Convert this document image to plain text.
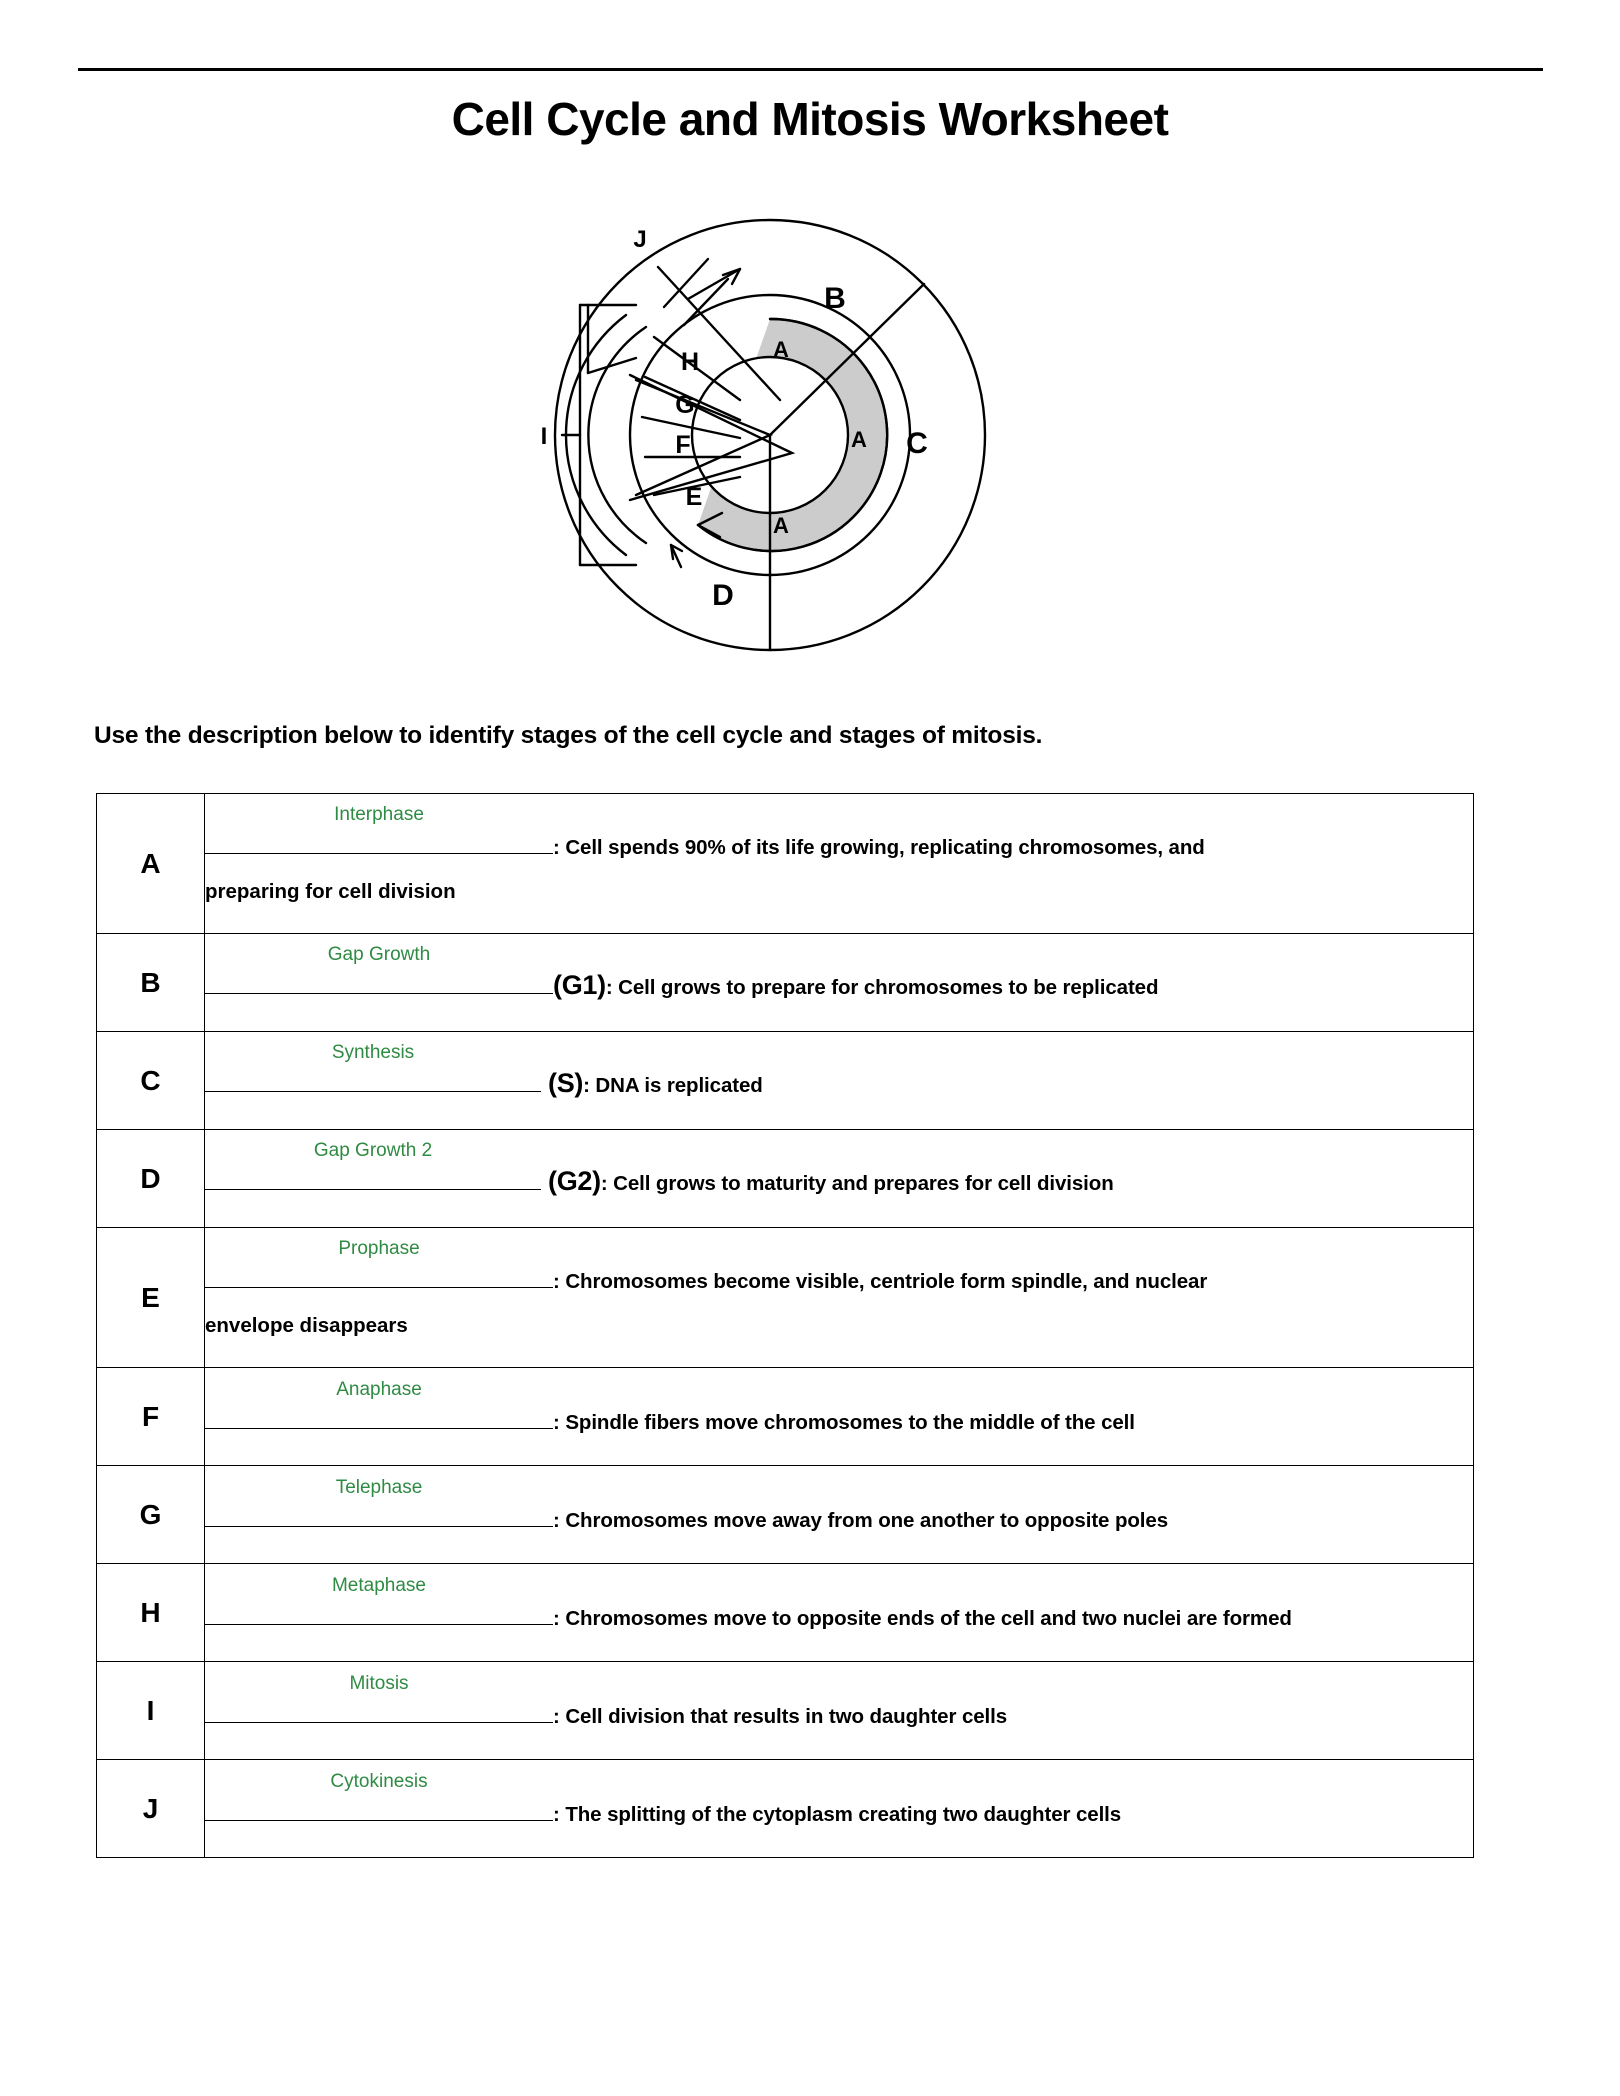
Cell Cycle and Mitosis Worksheet
B
C
D
A
A
A
H
G
F
E
I
J
Use the description below to identify stages of the cell cycle and stages of mitosis.
A	Interphase
: Cell spends 90% of its life growing, replicating chromosomes, and
preparing for cell division

B	Gap Growth
(G1): Cell grows to prepare for chromosomes to be replicated
C	Synthesis
(S): DNA is replicated
D	Gap Growth 2
(G2): Cell grows to maturity and prepares for cell division
E	Prophase
: Chromosomes become visible, centriole form spindle, and nuclear
envelope disappears

F	Anaphase
: Spindle fibers move chromosomes to the middle of the cell
G	Telephase
: Chromosomes move away from one another to opposite poles
H	Metaphase
: Chromosomes move to opposite ends of the cell and two nuclei are formed
I	Mitosis
: Cell division that results in two daughter cells
J	Cytokinesis
: The splitting of the cytoplasm creating two daughter cells
